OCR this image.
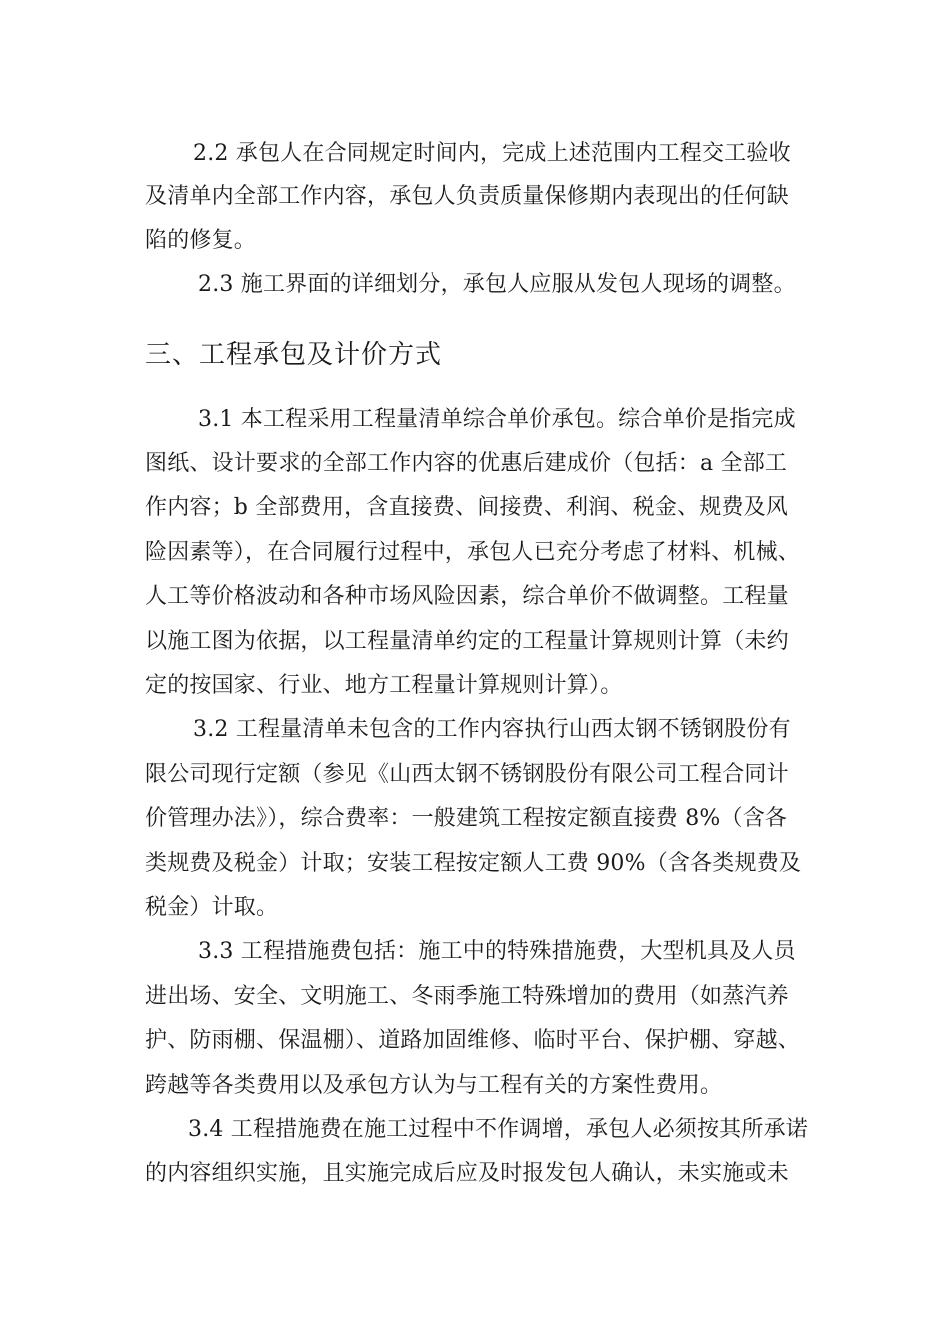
2.2 承包人在合同规定时间内，完成上述范围内工程交工验收
及清单内全部工作内容，承包人负责质量保修期内表现出的任何缺
陷的修复。
2.3 施工界面的详细划分，承包人应服从发包人现场的调整。
三、工程承包及计价方式
3.1 本工程采用工程量清单综合单价承包。综合单价是指完成
图纸、设计要求的全部工作内容的优惠后建成价（包括：a 全部工
作内容；b 全部费用，含直接费、间接费、利润、税金、规费及风
险因素等），在合同履行过程中，承包人已充分考虑了材料、机械、
人工等价格波动和各种市场风险因素，综合单价不做调整。工程量
以施工图为依据，以工程量清单约定的工程量计算规则计算（未约
定的按国家、行业、地方工程量计算规则计算）。
3.2 工程量清单未包含的工作内容执行山西太钢不锈钢股份有
限公司现行定额（参见《山西太钢不锈钢股份有限公司工程合同计
价管理办法》），综合费率：一般建筑工程按定额直接费 8%（含各
类规费及税金）计取；安装工程按定额人工费 90%（含各类规费及
税金）计取。
3.3 工程措施费包括：施工中的特殊措施费，大型机具及人员
进出场、安全、文明施工、冬雨季施工特殊增加的费用（如蒸汽养
护、防雨棚、保温棚）、道路加固维修、临时平台、保护棚、穿越、
跨越等各类费用以及承包方认为与工程有关的方案性费用。
3.4 工程措施费在施工过程中不作调增，承包人必须按其所承诺
的内容组织实施，且实施完成后应及时报发包人确认，未实施或未
